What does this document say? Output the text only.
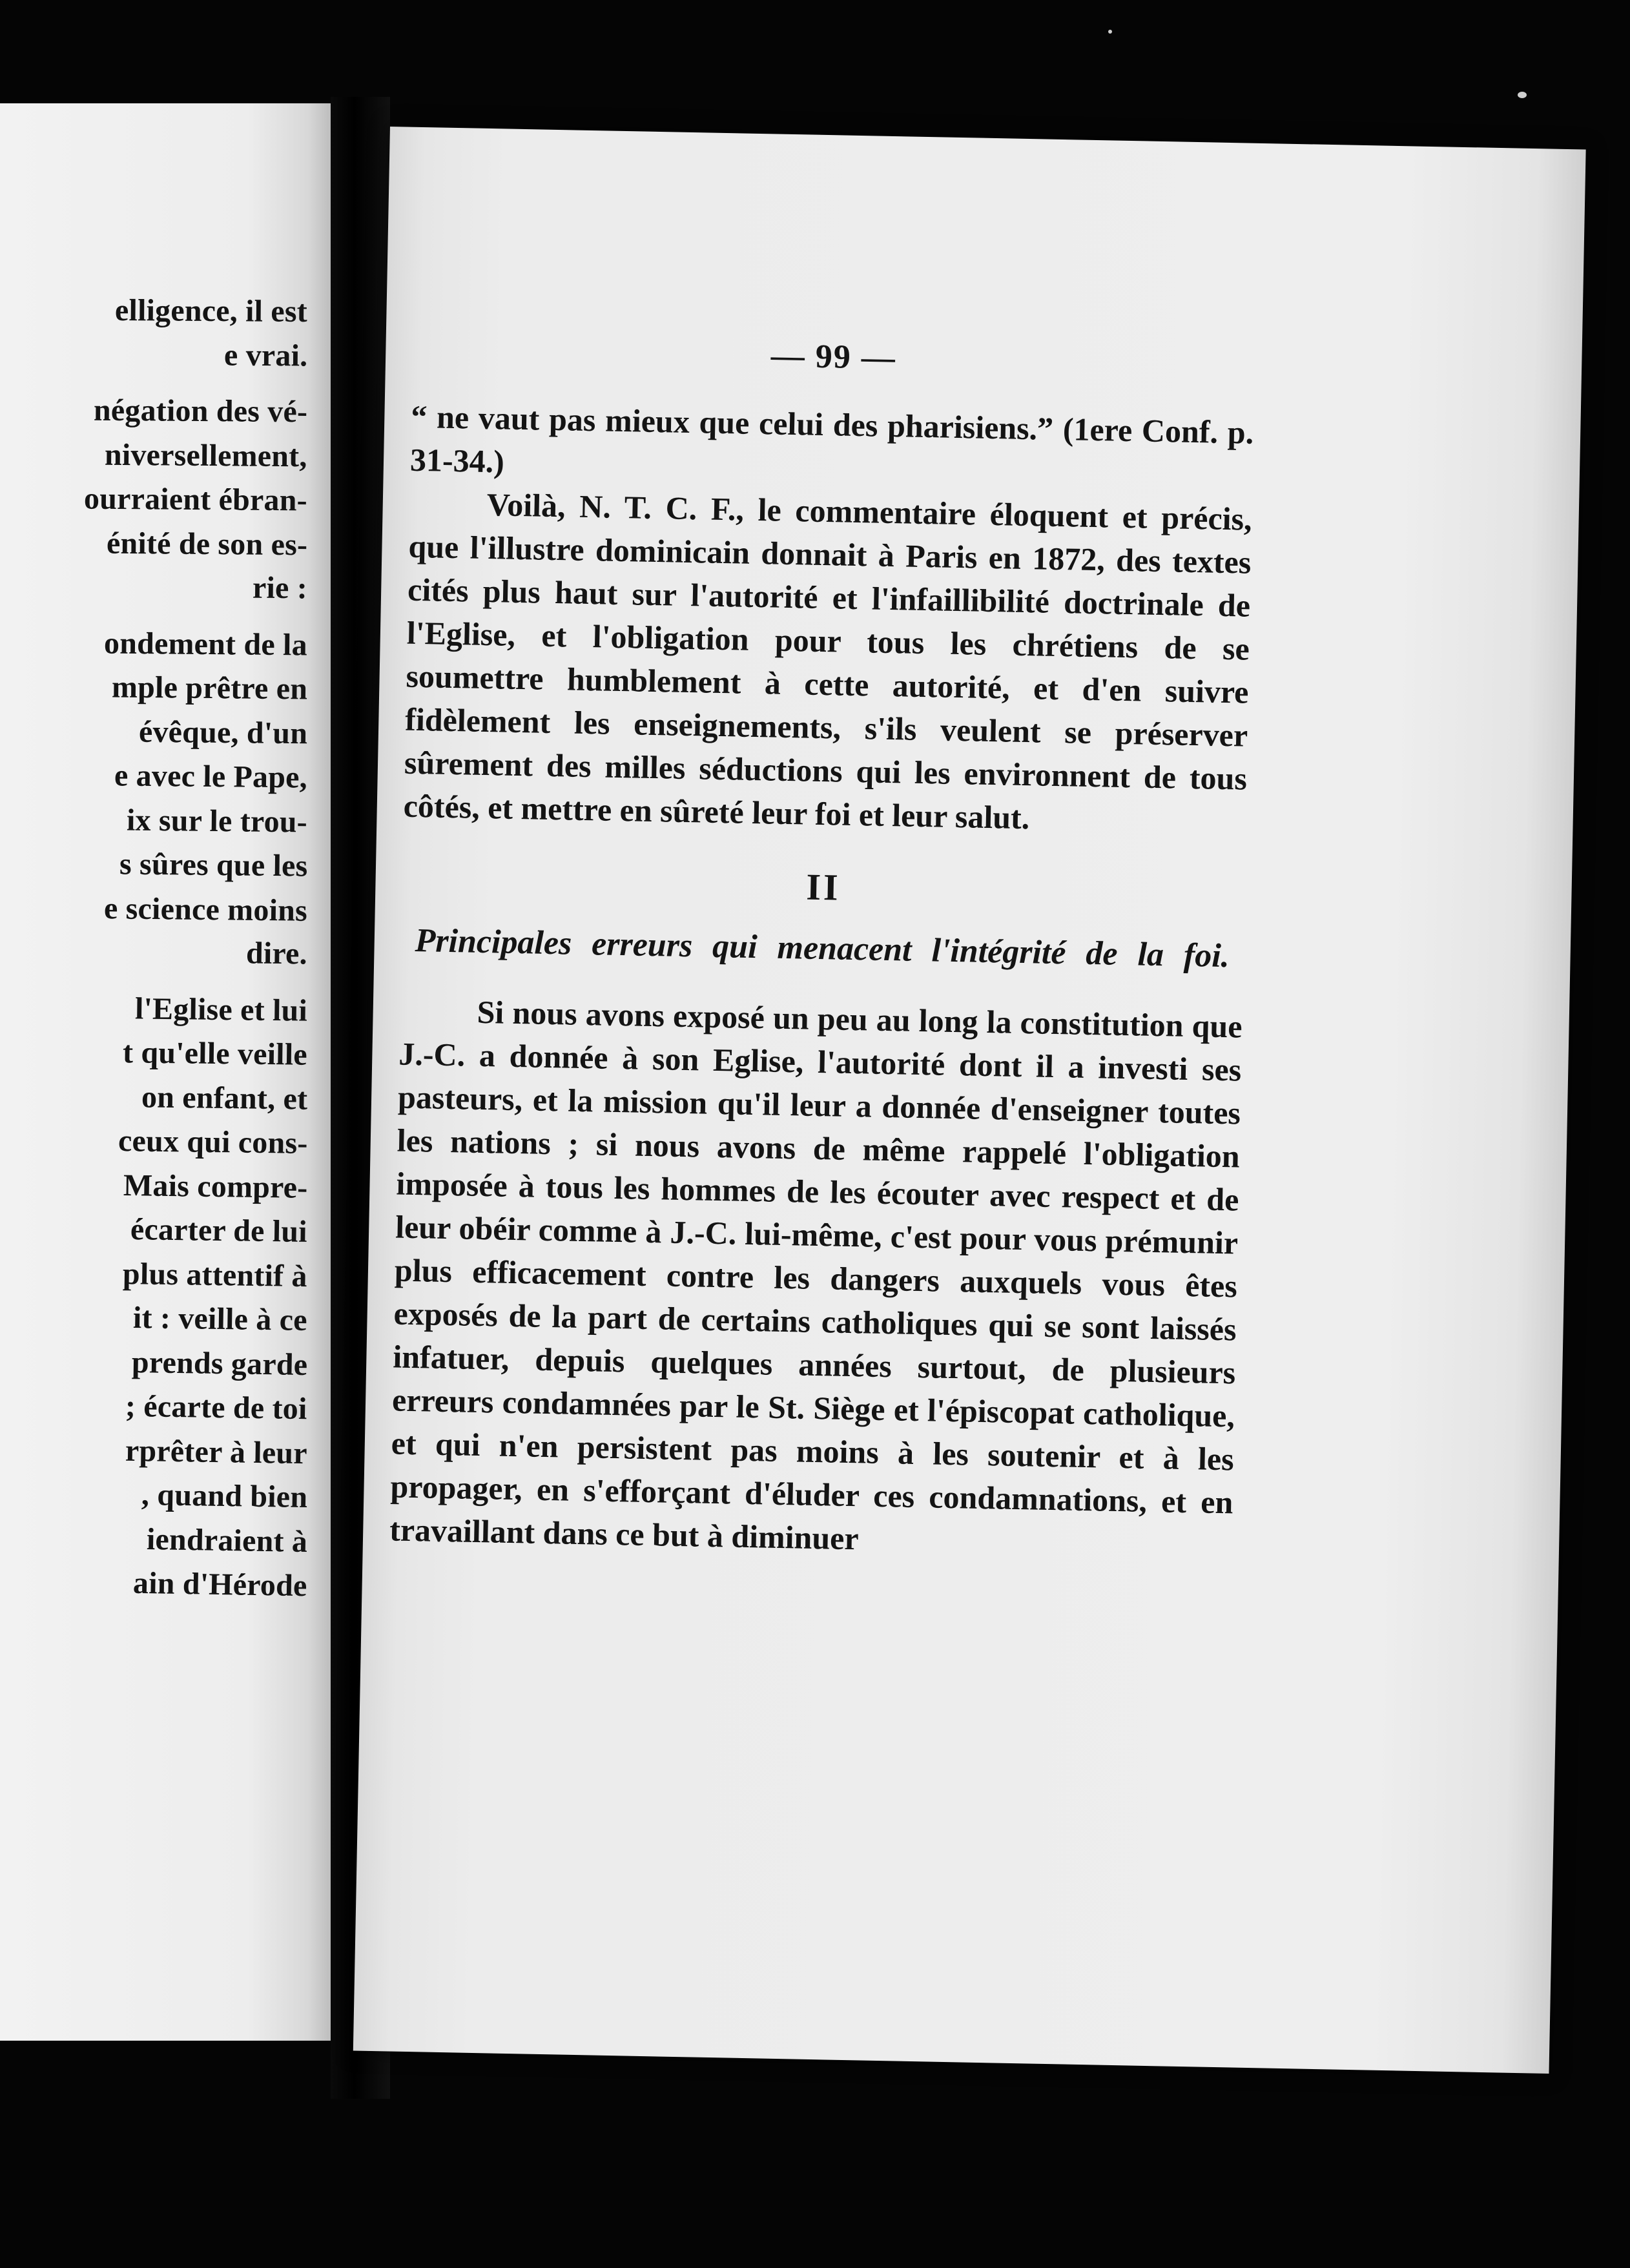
elligence, il est
e vrai.
négation des vé-
niversellement,
ourraient ébran-
énité de son es-
rie :
ondement de la
mple prêtre en
évêque, d'un
e avec le Pape,
ix sur le trou-
s sûres que les
e science moins
dire.
l'Eglise et lui
t qu'elle veille
on enfant, et
ceux qui cons-
Mais compre-
écarter de lui
plus attentif à
it : veille à ce
prends garde
; écarte de toi
rprêter à leur
, quand bien
iendraient à
ain d'Hérode
— 99 —

“ ne vaut pas mieux que celui des pharisiens.” (1ere Conf. p. 31-34.)

Voilà, N. T. C. F., le commentaire éloquent et précis, que l'illustre dominicain donnait à Paris en 1872, des textes cités plus haut sur l'autorité et l'infaillibilité doctrinale de l'Eglise, et l'obligation pour tous les chrétiens de se soumettre humblement à cette autorité, et d'en suivre fidèlement les enseignements, s'ils veulent se préserver sûrement des milles séductions qui les environnent de tous côtés, et mettre en sûreté leur foi et leur salut.

II
Principales erreurs qui menacent l'intégrité de la foi.

Si nous avons exposé un peu au long la constitution que J.-C. a donnée à son Eglise, l'autorité dont il a investi ses pasteurs, et la mission qu'il leur a donnée d'enseigner toutes les nations ; si nous avons de même rappelé l'obligation imposée à tous les hommes de les écouter avec respect et de leur obéir comme à J.-C. lui-même, c'est pour vous prémunir plus efficacement contre les dangers auxquels vous êtes exposés de la part de certains catholiques qui se sont laissés infatuer, depuis quelques années surtout, de plusieurs erreurs condamnées par le St. Siège et l'épiscopat catholique, et qui n'en persistent pas moins à les soutenir et à les propager, en s'efforçant d'éluder ces condamnations, et en travaillant dans ce but à diminuer
